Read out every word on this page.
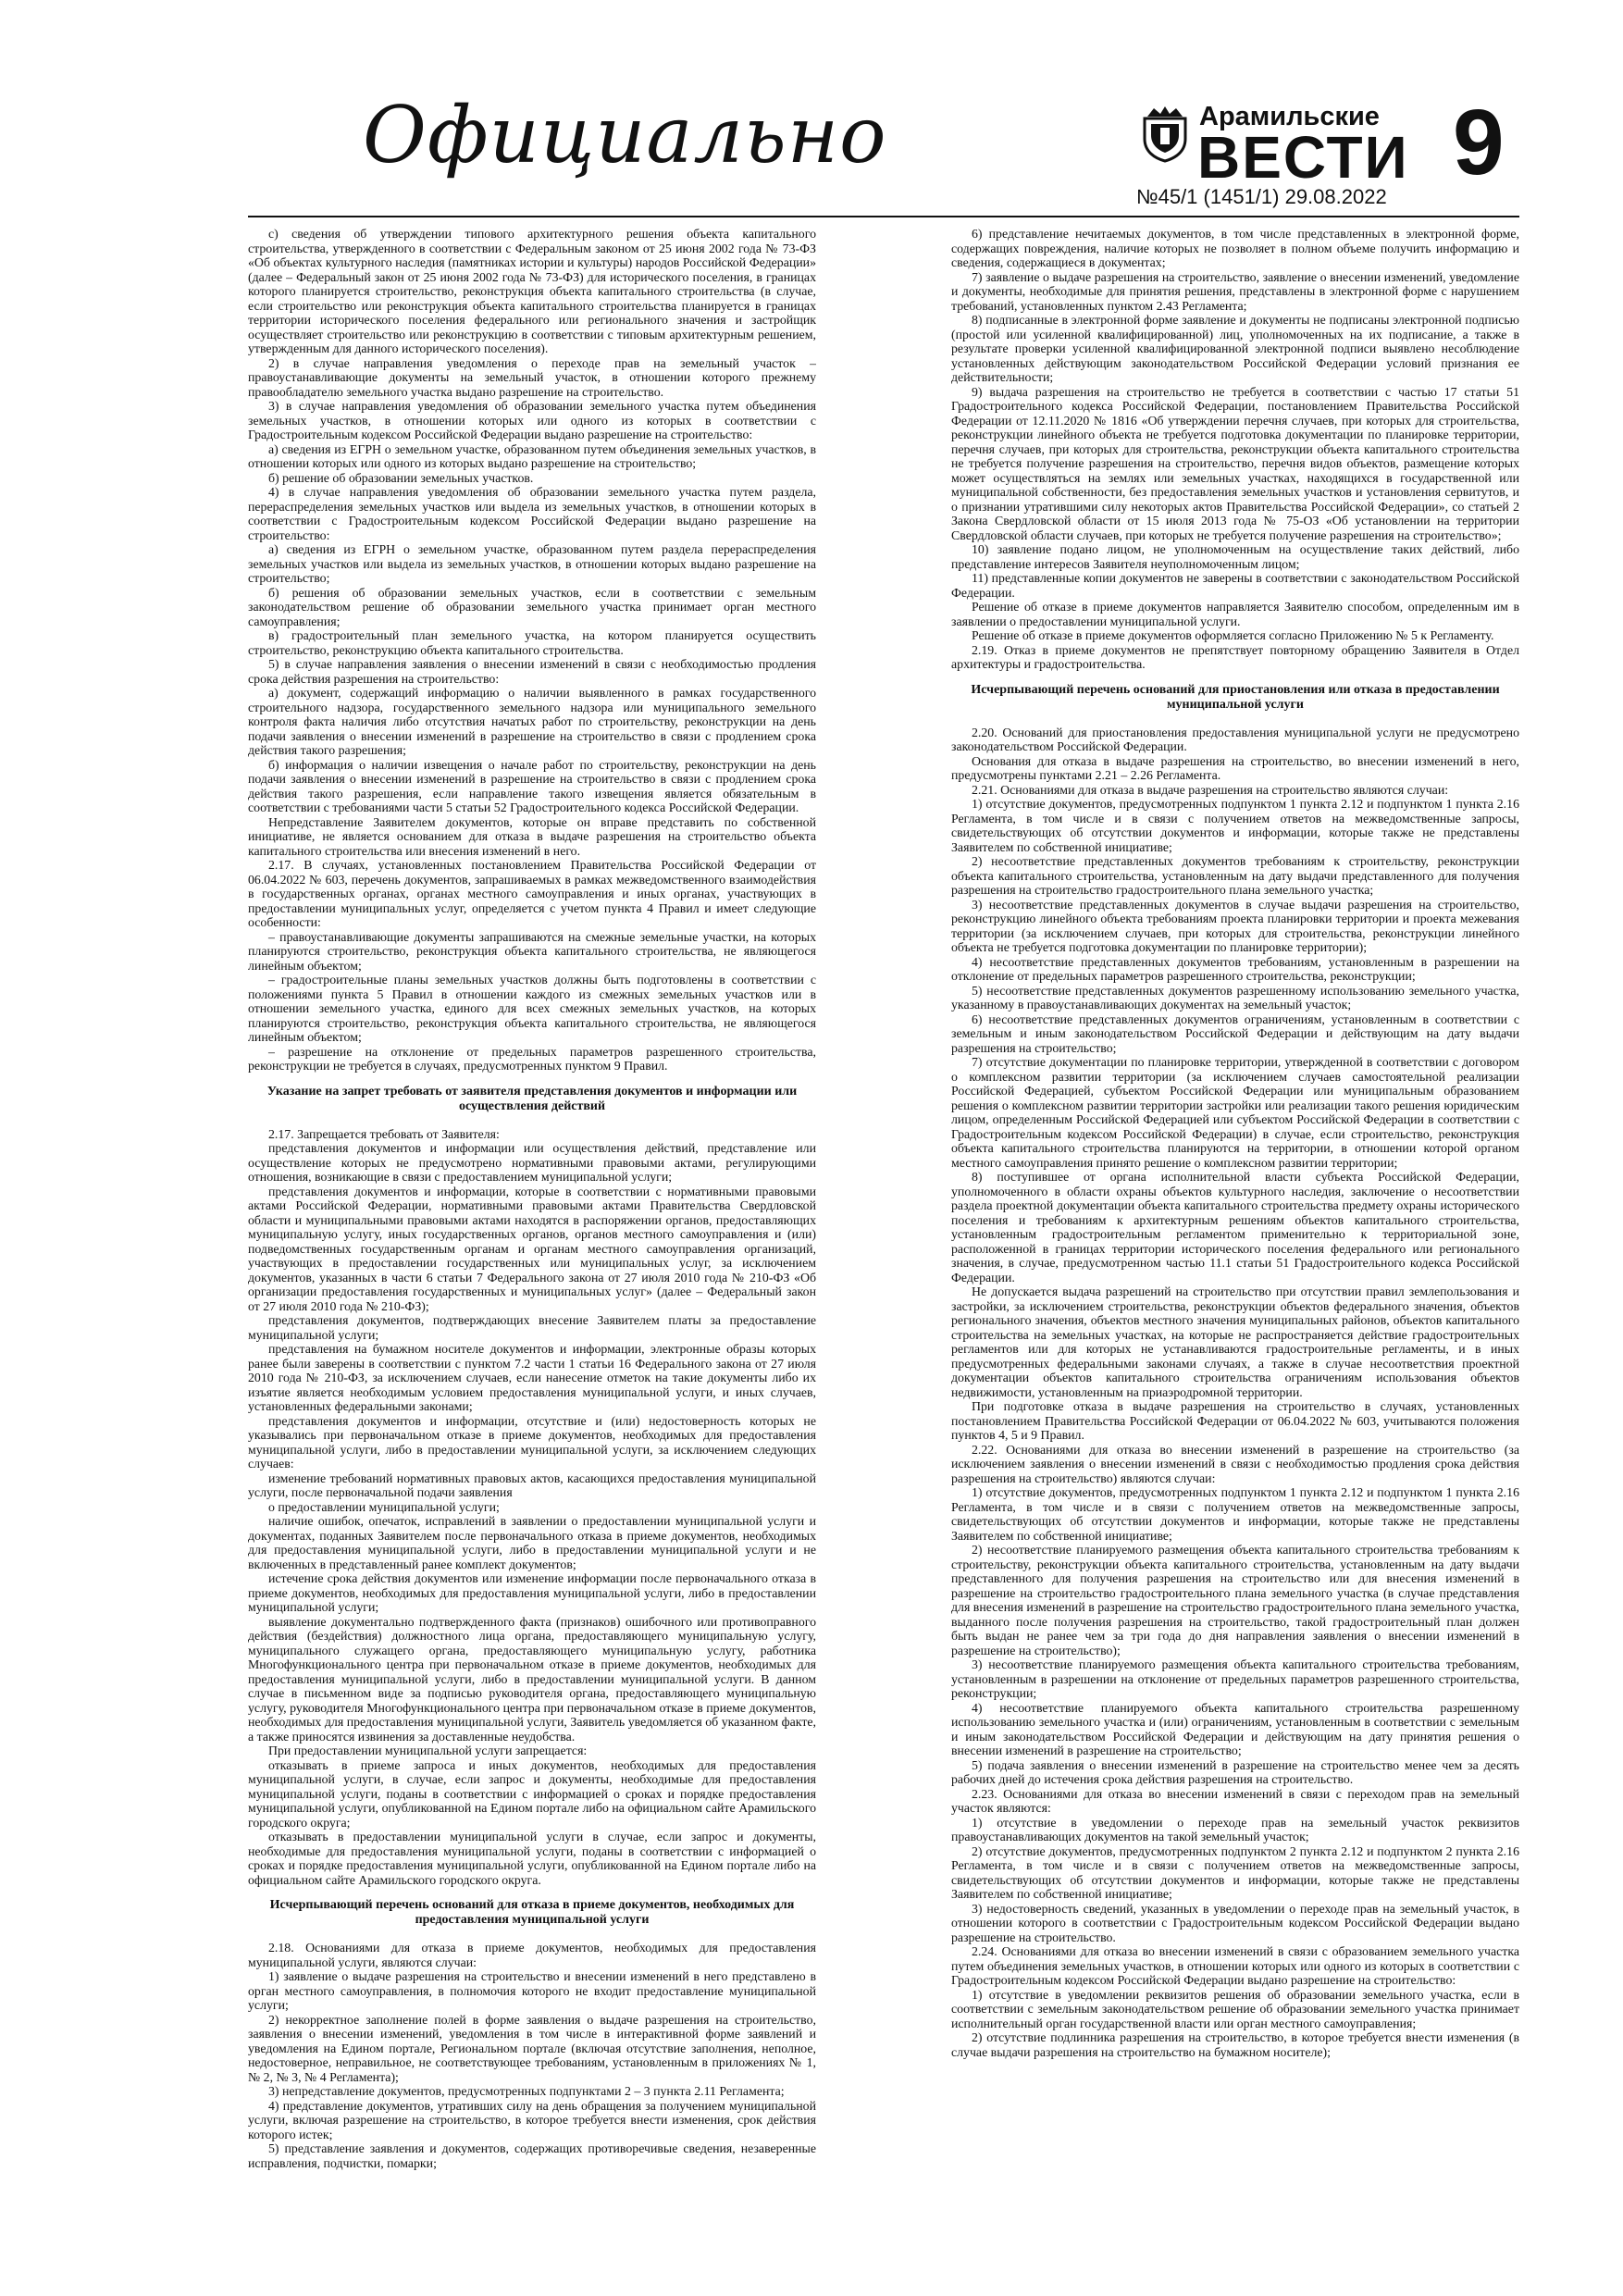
Официально	Арамильские
ВЕСТИ
№45/1 (1451/1) 29.08.2022
9

с) сведения об утверждении типового архитектурного решения объекта капитального строительства, утвержденного в соответствии с Федеральным законом от 25 июня 2002 года № 73-ФЗ «Об объектах культурного наследия (памятниках истории и культуры) народов Российской Федерации» (далее – Федеральный закон от 25 июня 2002 года № 73-ФЗ) для исторического поселения, в границах которого планируется строительство, реконструкция объекта капитального строительства (в случае, если строительство или реконструкция объекта капитального строительства планируется в границах территории исторического поселения федерального или регионального значения и застройщик осуществляет строительство или реконструкцию в соответствии с типовым архитектурным решением, утвержденным для данного исторического поселения).

2) в случае направления уведомления о переходе прав на земельный участок – правоустанавливающие документы на земельный участок, в отношении которого прежнему правообладателю земельного участка выдано разрешение на строительство.

3) в случае направления уведомления об образовании земельного участка путем объединения земельных участков, в отношении которых или одного из которых в соответствии с Градостроительным кодексом Российской Федерации выдано разрешение на строительство:

а) сведения из ЕГРН о земельном участке, образованном путем объединения земельных участков, в отношении которых или одного из которых выдано разрешение на строительство;

б) решение об образовании земельных участков.

4) в случае направления уведомления об образовании земельного участка путем раздела, перераспределения земельных участков или выдела из земельных участков, в отношении которых в соответствии с Градостроительным кодексом Российской Федерации выдано разрешение на строительство:

а) сведения из ЕГРН о земельном участке, образованном путем раздела перераспределения земельных участков или выдела из земельных участков, в отношении которых выдано разрешение на строительство;

б) решения об образовании земельных участков, если в соответствии с земельным законодательством решение об образовании земельного участка принимает орган местного самоуправления;

в) градостроительный план земельного участка, на котором планируется осуществить строительство, реконструкцию объекта капитального строительства.

5) в случае направления заявления о внесении изменений в связи с необходимостью продления срока действия разрешения на строительство:

а) документ, содержащий информацию о наличии выявленного в рамках государственного строительного надзора, государственного земельного надзора или муниципального земельного контроля факта наличия либо отсутствия начатых работ по строительству, реконструкции на день подачи заявления о внесении изменений в разрешение на строительство в связи с продлением срока действия такого разрешения;

б) информация о наличии извещения о начале работ по строительству, реконструкции на день подачи заявления о внесении изменений в разрешение на строительство в связи с продлением срока действия такого разрешения, если направление такого извещения является обязательным в соответствии с требованиями части 5 статьи 52 Градостроительного кодекса Российской Федерации.

Непредставление Заявителем документов, которые он вправе представить по собственной инициативе, не является основанием для отказа в выдаче разрешения на строительство объекта капитального строительства или внесения изменений в него.

2.17. В случаях, установленных постановлением Правительства Российской Федерации от 06.04.2022 № 603, перечень документов, запрашиваемых в рамках межведомственного взаимодействия в государственных органах, органах местного самоуправления и иных органах, участвующих в предоставлении муниципальных услуг, определяется с учетом пункта 4 Правил и имеет следующие особенности:

– правоустанавливающие документы запрашиваются на смежные земельные участки, на которых планируются строительство, реконструкция объекта капитального строительства, не являющегося линейным объектом;

– градостроительные планы земельных участков должны быть подготовлены в соответствии с положениями пункта 5 Правил в отношении каждого из смежных земельных участков или в отношении земельного участка, единого для всех смежных земельных участков, на которых планируются строительство, реконструкция объекта капитального строительства, не являющегося линейным объектом;

– разрешение на отклонение от предельных параметров разрешенного строительства, реконструкции не требуется в случаях, предусмотренных пунктом 9 Правил.

Указание на запрет требовать от заявителя представления документов и информации или осуществления действий

2.17. Запрещается требовать от Заявителя:

представления документов и информации или осуществления действий, представление или осуществление которых не предусмотрено нормативными правовыми актами, регулирующими отношения, возникающие в связи с предоставлением муниципальной услуги;

представления документов и информации, которые в соответствии с нормативными правовыми актами Российской Федерации, нормативными правовыми актами Правительства Свердловской области и муниципальными правовыми актами находятся в распоряжении органов, предоставляющих муниципальную услугу, иных государственных органов, органов местного самоуправления и (или) подведомственных государственным органам и органам местного самоуправления организаций, участвующих в предоставлении государственных или муниципальных услуг, за исключением документов, указанных в части 6 статьи 7 Федерального закона от 27 июля 2010 года № 210-ФЗ «Об организации предоставления государственных и муниципальных услуг» (далее – Федеральный закон от 27 июля 2010 года № 210-ФЗ);

представления документов, подтверждающих внесение Заявителем платы за предоставление муниципальной услуги;

представления на бумажном носителе документов и информации, электронные образы которых ранее были заверены в соответствии с пунктом 7.2 части 1 статьи 16 Федерального закона от 27 июля 2010 года № 210-ФЗ, за исключением случаев, если нанесение отметок на такие документы либо их изъятие является необходимым условием предоставления муниципальной услуги, и иных случаев, установленных федеральными законами;

представления документов и информации, отсутствие и (или) недостоверность которых не указывались при первоначальном отказе в приеме документов, необходимых для предоставления муниципальной услуги, либо в предоставлении муниципальной услуги, за исключением следующих случаев:

изменение требований нормативных правовых актов, касающихся предоставления муниципальной услуги, после первоначальной подачи заявления

о предоставлении муниципальной услуги;

наличие ошибок, опечаток, исправлений в заявлении о предоставлении муниципальной услуги и документах, поданных Заявителем после первоначального отказа в приеме документов, необходимых для предоставления муниципальной услуги, либо в предоставлении муниципальной услуги и не включенных в представленный ранее комплект документов;

истечение срока действия документов или изменение информации после первоначального отказа в приеме документов, необходимых для предоставления муниципальной услуги, либо в предоставлении муниципальной услуги;

выявление документально подтвержденного факта (признаков) ошибочного или противоправного действия (бездействия) должностного лица органа, предоставляющего муниципальную услугу, муниципального служащего органа, предоставляющего муниципальную услугу, работника Многофункционального центра при первоначальном отказе в приеме документов, необходимых для предоставления муниципальной услуги, либо в предоставлении муниципальной услуги. В данном случае в письменном виде за подписью руководителя органа, предоставляющего муниципальную услугу, руководителя Многофункционального центра при первоначальном отказе в приеме документов, необходимых для предоставления муниципальной услуги, Заявитель уведомляется об указанном факте, а также приносятся извинения за доставленные неудобства.

При предоставлении муниципальной услуги запрещается:

отказывать в приеме запроса и иных документов, необходимых для предоставления муниципальной услуги, в случае, если запрос и документы, необходимые для предоставления муниципальной услуги, поданы в соответствии с информацией о сроках и порядке предоставления муниципальной услуги, опубликованной на Едином портале либо на официальном сайте Арамильского городского округа;

отказывать в предоставлении муниципальной услуги в случае, если запрос и документы, необходимые для предоставления муниципальной услуги, поданы в соответствии с информацией о сроках и порядке предоставления муниципальной услуги, опубликованной на Едином портале либо на официальном сайте Арамильского городского округа.

Исчерпывающий перечень оснований для отказа в приеме документов, необходимых для предоставления муниципальной услуги

2.18. Основаниями для отказа в приеме документов, необходимых для предоставления муниципальной услуги, являются случаи:

1) заявление о выдаче разрешения на строительство и внесении изменений в него представлено в орган местного самоуправления, в полномочия которого не входит предоставление муниципальной услуги;

2) некорректное заполнение полей в форме заявления о выдаче разрешения на строительство, заявления о внесении изменений, уведомления в том числе в интерактивной форме заявлений и уведомления на Едином портале, Региональном портале (включая отсутствие заполнения, неполное, недостоверное, неправильное, не соответствующее требованиям, установленным в приложениях № 1, № 2, № 3, № 4 Регламента);

3) непредставление документов, предусмотренных подпунктами 2 – 3 пункта 2.11 Регламента;

4) представление документов, утративших силу на день обращения за получением муниципальной услуги, включая разрешение на строительство, в которое требуется внести изменения, срок действия которого истек;

5) представление заявления и документов, содержащих противоречивые сведения, незаверенные исправления, подчистки, помарки;

6) представление нечитаемых документов, в том числе представленных в электронной форме, содержащих повреждения, наличие которых не позволяет в полном объеме получить информацию и сведения, содержащиеся в документах;

7) заявление о выдаче разрешения на строительство, заявление о внесении изменений, уведомление и документы, необходимые для принятия решения, представлены в электронной форме с нарушением требований, установленных пунктом 2.43 Регламента;

8) подписанные в электронной форме заявление и документы не подписаны электронной подписью (простой или усиленной квалифицированной) лиц, уполномоченных на их подписание, а также в результате проверки усиленной квалифицированной электронной подписи выявлено несоблюдение установленных действующим законодательством Российской Федерации условий признания ее действительности;

9) выдача разрешения на строительство не требуется в соответствии с частью 17 статьи 51 Градостроительного кодекса Российской Федерации, постановлением Правительства Российской Федерации от 12.11.2020 № 1816 «Об утверждении перечня случаев, при которых для строительства, реконструкции линейного объекта не требуется подготовка документации по планировке территории, перечня случаев, при которых для строительства, реконструкции объекта капитального строительства не требуется получение разрешения на строительство, перечня видов объектов, размещение которых может осуществляться на землях или земельных участках, находящихся в государственной или муниципальной собственности, без предоставления земельных участков и установления сервитутов, и о признании утратившими силу некоторых актов Правительства Российской Федерации», со статьей 2 Закона Свердловской области от 15 июля 2013 года № 75-ОЗ «Об установлении на территории Свердловской области случаев, при которых не требуется получение разрешения на строительство»;

10) заявление подано лицом, не уполномоченным на осуществление таких действий, либо представление интересов Заявителя неуполномоченным лицом;

11) представленные копии документов не заверены в соответствии с законодательством Российской Федерации.

Решение об отказе в приеме документов направляется Заявителю способом, определенным им в заявлении о предоставлении муниципальной услуги.

Решение об отказе в приеме документов оформляется согласно Приложению № 5 к Регламенту.

2.19. Отказ в приеме документов не препятствует повторному обращению Заявителя в Отдел архитектуры и градостроительства.

Исчерпывающий перечень оснований для приостановления или отказа в предоставлении муниципальной услуги

2.20. Оснований для приостановления предоставления муниципальной услуги не предусмотрено законодательством Российской Федерации.

Основания для отказа в выдаче разрешения на строительство, во внесении изменений в него, предусмотрены пунктами 2.21 – 2.26 Регламента.

2.21. Основаниями для отказа в выдаче разрешения на строительство являются случаи:

1) отсутствие документов, предусмотренных подпунктом 1 пункта 2.12 и подпунктом 1 пункта 2.16 Регламента, в том числе и в связи с получением ответов на межведомственные запросы, свидетельствующих об отсутствии документов и информации, которые также не представлены Заявителем по собственной инициативе;

2) несоответствие представленных документов требованиям к строительству, реконструкции объекта капитального строительства, установленным на дату выдачи представленного для получения разрешения на строительство градостроительного плана земельного участка;

3) несоответствие представленных документов в случае выдачи разрешения на строительство, реконструкцию линейного объекта требованиям проекта планировки территории и проекта межевания территории (за исключением случаев, при которых для строительства, реконструкции линейного объекта не требуется подготовка документации по планировке территории);

4) несоответствие представленных документов требованиям, установленным в разрешении на отклонение от предельных параметров разрешенного строительства, реконструкции;

5) несоответствие представленных документов разрешенному использованию земельного участка, указанному в правоустанавливающих документах на земельный участок;

6) несоответствие представленных документов ограничениям, установленным в соответствии с земельным и иным законодательством Российской Федерации и действующим на дату выдачи разрешения на строительство;

7) отсутствие документации по планировке территории, утвержденной в соответствии с договором о комплексном развитии территории (за исключением случаев самостоятельной реализации Российской Федерацией, субъектом Российской Федерации или муниципальным образованием решения о комплексном развитии территории застройки или реализации такого решения юридическим лицом, определенным Российской Федерацией или субъектом Российской Федерации в соответствии с Градостроительным кодексом Российской Федерации) в случае, если строительство, реконструкция объекта капитального строительства планируются на территории, в отношении которой органом местного самоуправления принято решение о комплексном развитии территории;

8) поступившее от органа исполнительной власти субъекта Российской Федерации, уполномоченного в области охраны объектов культурного наследия, заключение о несоответствии раздела проектной документации объекта капитального строительства предмету охраны исторического поселения и требованиям к архитектурным решениям объектов капитального строительства, установленным градостроительным регламентом применительно к территориальной зоне, расположенной в границах территории исторического поселения федерального или регионального значения, в случае, предусмотренном частью 11.1 статьи 51 Градостроительного кодекса Российской Федерации.

Не допускается выдача разрешений на строительство при отсутствии правил землепользования и застройки, за исключением строительства, реконструкции объектов федерального значения, объектов регионального значения, объектов местного значения муниципальных районов, объектов капитального строительства на земельных участках, на которые не распространяется действие градостроительных регламентов или для которых не устанавливаются градостроительные регламенты, и в иных предусмотренных федеральными законами случаях, а также в случае несоответствия проектной документации объектов капитального строительства ограничениям использования объектов недвижимости, установленным на приаэродромной территории.

При подготовке отказа в выдаче разрешения на строительство в случаях, установленных постановлением Правительства Российской Федерации от 06.04.2022 № 603, учитываются положения пунктов 4, 5 и 9 Правил.

2.22. Основаниями для отказа во внесении изменений в разрешение на строительство (за исключением заявления о внесении изменений в связи с необходимостью продления срока действия разрешения на строительство) являются случаи:

1) отсутствие документов, предусмотренных подпунктом 1 пункта 2.12 и подпунктом 1 пункта 2.16 Регламента, в том числе и в связи с получением ответов на межведомственные запросы, свидетельствующих об отсутствии документов и информации, которые также не представлены Заявителем по собственной инициативе;

2) несоответствие планируемого размещения объекта капитального строительства требованиям к строительству, реконструкции объекта капитального строительства, установленным на дату выдачи представленного для получения разрешения на строительство или для внесения изменений в разрешение на строительство градостроительного плана земельного участка (в случае представления для внесения изменений в разрешение на строительство градостроительного плана земельного участка, выданного после получения разрешения на строительство, такой градостроительный план должен быть выдан не ранее чем за три года до дня направления заявления о внесении изменений в разрешение на строительство);

3) несоответствие планируемого размещения объекта капитального строительства требованиям, установленным в разрешении на отклонение от предельных параметров разрешенного строительства, реконструкции;

4) несоответствие планируемого объекта капитального строительства разрешенному использованию земельного участка и (или) ограничениям, установленным в соответствии с земельным и иным законодательством Российской Федерации и действующим на дату принятия решения о внесении изменений в разрешение на строительство;

5) подача заявления о внесении изменений в разрешение на строительство менее чем за десять рабочих дней до истечения срока действия разрешения на строительство.

2.23. Основаниями для отказа во внесении изменений в связи с переходом прав на земельный участок являются:

1) отсутствие в уведомлении о переходе прав на земельный участок реквизитов правоустанавливающих документов на такой земельный участок;

2) отсутствие документов, предусмотренных подпунктом 2 пункта 2.12 и подпунктом 2 пункта 2.16 Регламента, в том числе и в связи с получением ответов на межведомственные запросы, свидетельствующих об отсутствии документов и информации, которые также не представлены Заявителем по собственной инициативе;

3) недостоверность сведений, указанных в уведомлении о переходе прав на земельный участок, в отношении которого в соответствии с Градостроительным кодексом Российской Федерации выдано разрешение на строительство.

2.24. Основаниями для отказа во внесении изменений в связи с образованием земельного участка путем объединения земельных участков, в отношении которых или одного из которых в соответствии с Градостроительным кодексом Российской Федерации выдано разрешение на строительство:

1) отсутствие в уведомлении реквизитов решения об образовании земельного участка, если в соответствии с земельным законодательством решение об образовании земельного участка принимает исполнительный орган государственной власти или орган местного самоуправления;

2) отсутствие подлинника разрешения на строительство, в которое требуется внести изменения (в случае выдачи разрешения на строительство на бумажном носителе);
